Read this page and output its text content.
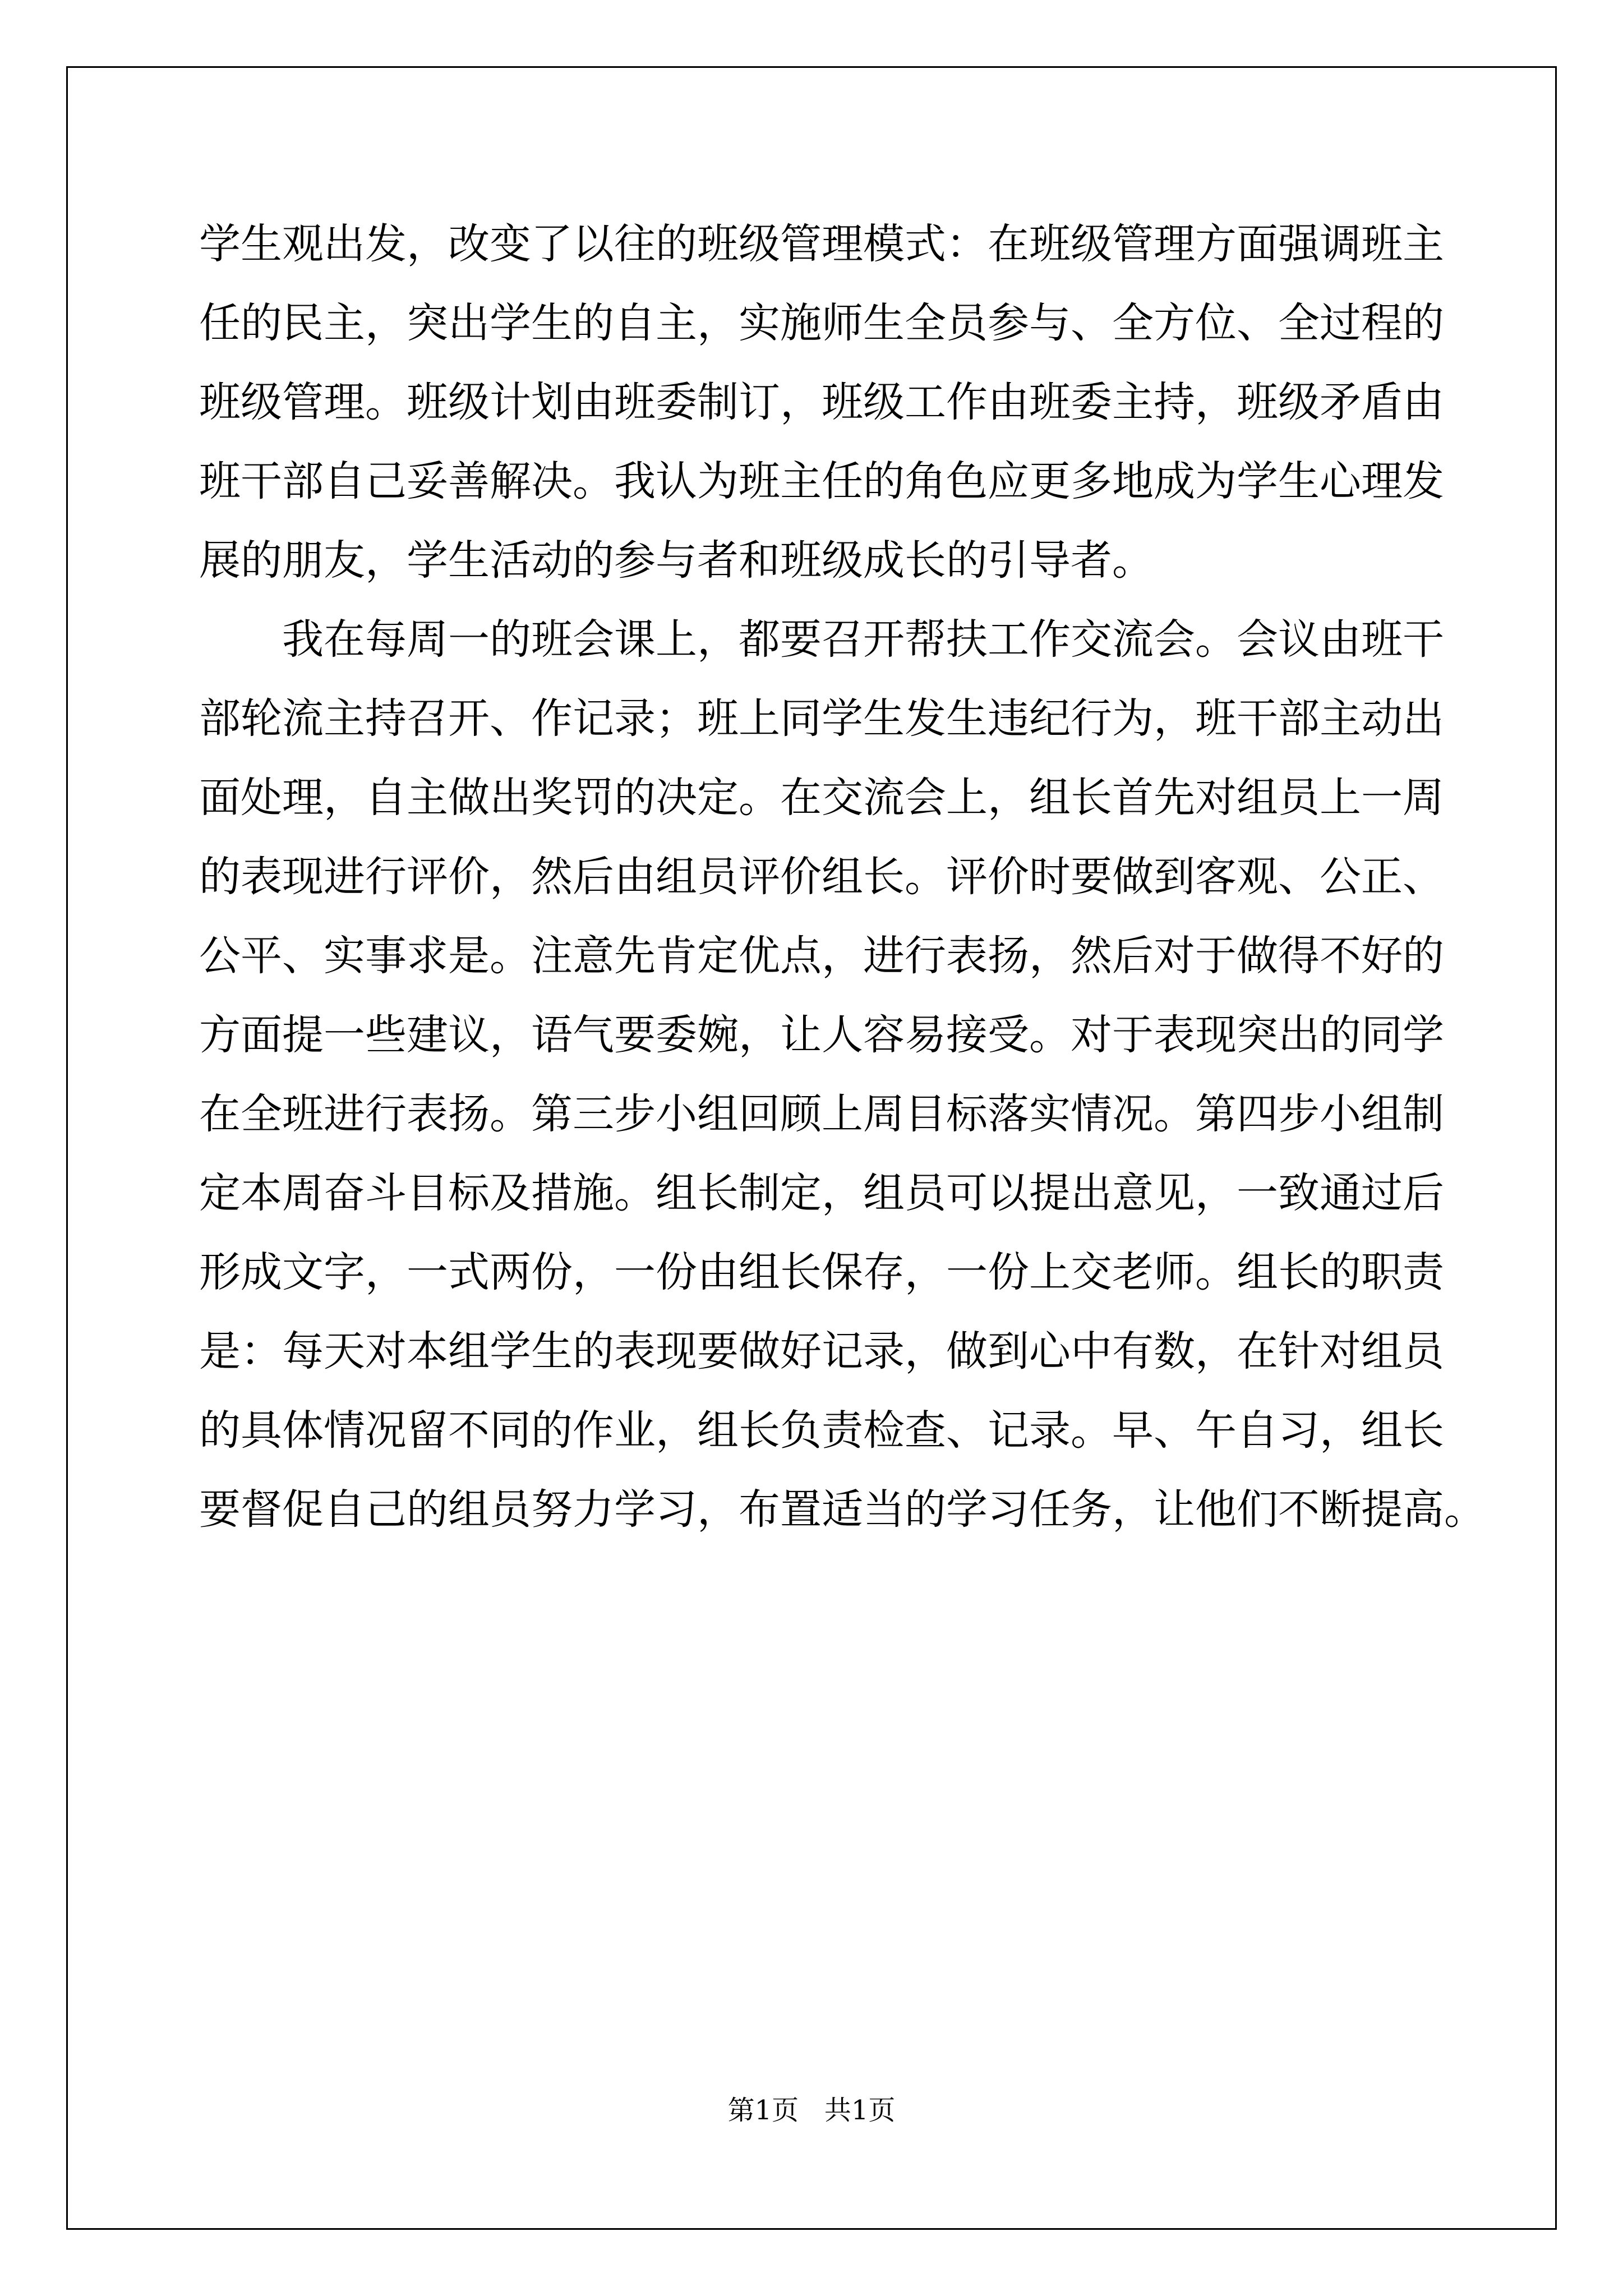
学生观出发，改变了以往的班级管理模式：在班级管理方面强调班主
任的民主，突出学生的自主，实施师生全员参与、全方位、全过程的
班级管理。班级计划由班委制订，班级工作由班委主持，班级矛盾由
班干部自己妥善解决。我认为班主任的角色应更多地成为学生心理发
展的朋友，学生活动的参与者和班级成长的引导者。
我在每周一的班会课上，都要召开帮扶工作交流会。会议由班干
部轮流主持召开、作记录；班上同学生发生违纪行为，班干部主动出
面处理，自主做出奖罚的决定。在交流会上，组长首先对组员上一周
的表现进行评价，然后由组员评价组长。评价时要做到客观、公正、
公平、实事求是。注意先肯定优点，进行表扬，然后对于做得不好的
方面提一些建议，语气要委婉，让人容易接受。对于表现突出的同学
在全班进行表扬。第三步小组回顾上周目标落实情况。第四步小组制
定本周奋斗目标及措施。组长制定，组员可以提出意见，一致通过后
形成文字，一式两份，一份由组长保存，一份上交老师。组长的职责
是：每天对本组学生的表现要做好记录，做到心中有数，在针对组员
的具体情况留不同的作业，组长负责检查、记录。早、午自习，组长
要督促自己的组员努力学习，布置适当的学习任务，让他们不断提高。
第1页   共1页
